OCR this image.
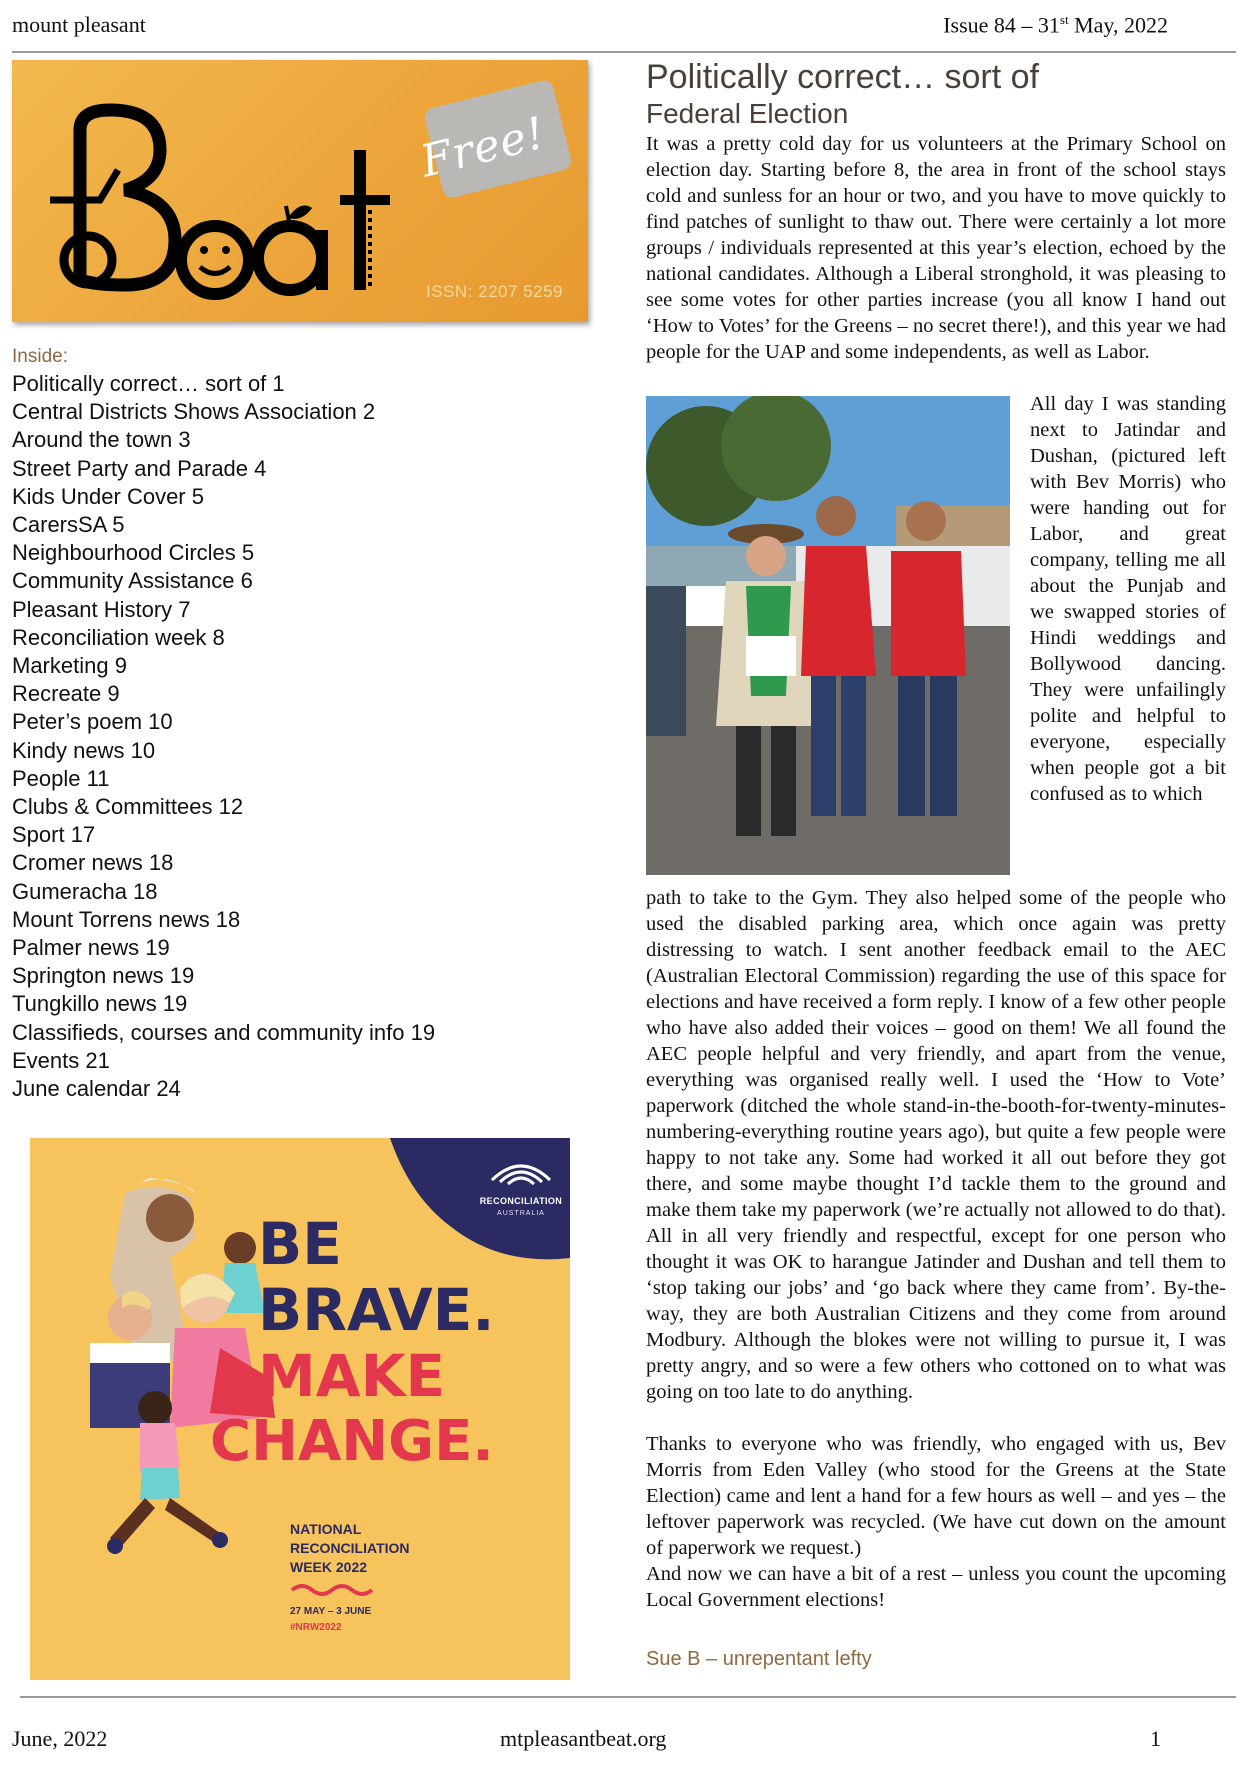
mount pleasant	Issue 84 – 31st May, 2022
Free!
ISSN: 2207 5259
Inside:
Politically correct… sort of 1
Central Districts Shows Association 2
Around the town 3
Street Party and Parade 4
Kids Under Cover 5
CarersSA 5
Neighbourhood Circles 5
Community Assistance 6
Pleasant History 7
Reconciliation week 8
Marketing 9
Recreate 9
Peter’s poem 10
Kindy news 10
People 11
Clubs & Committees 12
Sport 17
Cromer news 18
Gumeracha 18
Mount Torrens news 18
Palmer news 19
Springton news 19
Tungkillo news 19
Classifieds, courses and community info 19
Events 21
June calendar 24
BE
BRAVE.
MAKE
CHANGE.
RECONCILIATION
AUSTRALIA
NATIONAL
RECONCILIATION
WEEK 2022
27 MAY – 3 JUNE
#NRW2022
Politically correct… sort of
Federal Election

It was a pretty cold day for us volunteers at the Primary School on election day. Starting before 8, the area in front of the school stays cold and sunless for an hour or two, and you have to move quickly to find patches of sunlight to thaw out. There were certainly a lot more groups / individuals represented at this year’s election, echoed by the national candidates. Although a Liberal stronghold, it was pleasing to see some votes for other parties increase (you all know I hand out ‘How to Votes’ for the Greens – no secret there!), and this year we had people for the UAP and some independents, as well as Labor.

All day I was standing next to Jatindar and Dushan, (pictured left with Bev Morris) who were handing out for Labor, and great company, telling me all about the Punjab and we swapped stories of Hindi weddings and Bollywood dancing. They were unfailingly polite and helpful to everyone, especially when people got a bit confused as to which

path to take to the Gym. They also helped some of the people who used the disabled parking area, which once again was pretty distressing to watch. I sent another feedback email to the AEC (Australian Electoral Commission) regarding the use of this space for elections and have received a form reply. I know of a few other people who have also added their voices – good on them! We all found the AEC people helpful and very friendly, and apart from the venue, everything was organised really well. I used the ‘How to Vote’ paperwork (ditched the whole stand-in-the-booth-for-twenty-minutes-numbering-everything routine years ago), but quite a few people were happy to not take any. Some had worked it all out before they got there, and some maybe thought I’d tackle them to the ground and make them take my paperwork (we’re actually not allowed to do that). All in all very friendly and respectful, except for one person who thought it was OK to harangue Jatinder and Dushan and tell them to ‘stop taking our jobs’ and ‘go back where they came from’. By-the-way, they are both Australian Citizens and they come from around Modbury. Although the blokes were not willing to pursue it, I was pretty angry, and so were a few others who cottoned on to what was going on too late to do anything.

Thanks to everyone who was friendly, who engaged with us, Bev Morris from Eden Valley (who stood for the Greens at the State Election) came and lent a hand for a few hours as well – and yes – the leftover paperwork was recycled. (We have cut down on the amount of paperwork we request.)

And now we can have a bit of a rest – unless you count the upcoming Local Government elections!

Sue B – unrepentant lefty
June, 2022	mtpleasantbeat.org	1
